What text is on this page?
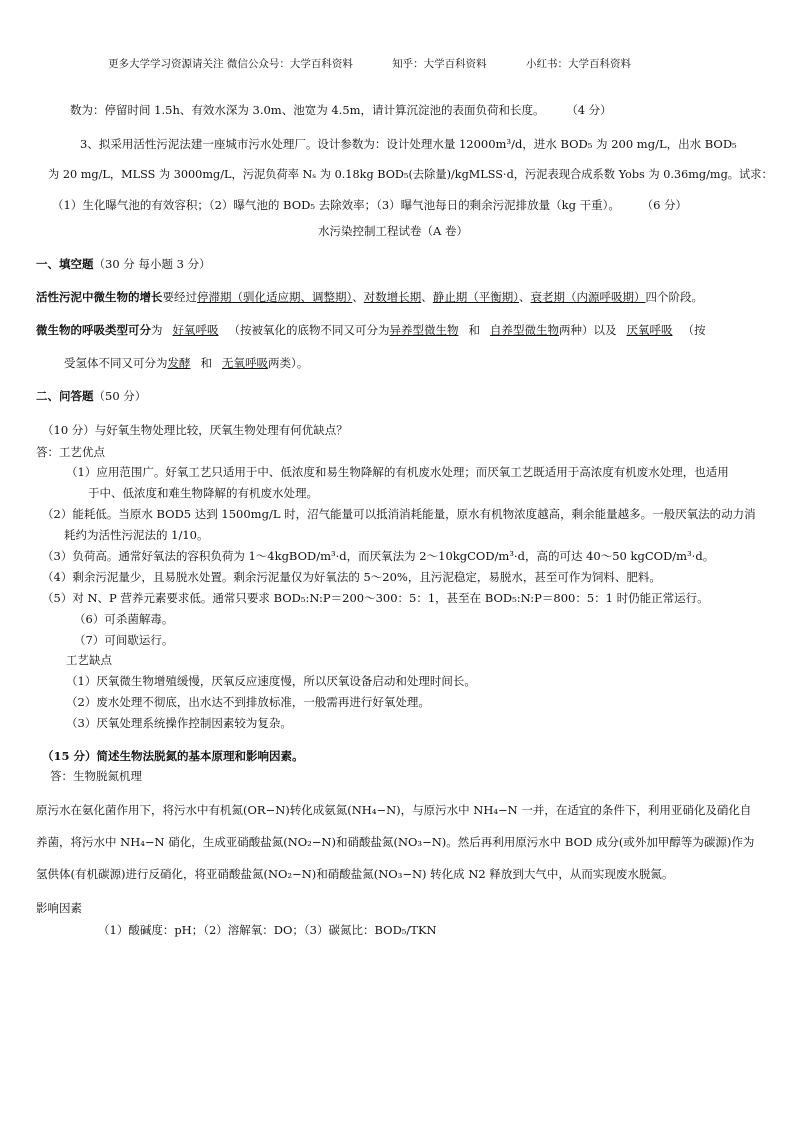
更多大学学习资源请关注 微信公众号：大学百科资料	知乎：大学百科资料	小红书：大学百科资料
数为：停留时间 1.5h、有效水深为 3.0m、池宽为 4.5m，请计算沉淀池的表面负荷和长度。 （4 分）
3、拟采用活性污泥法建一座城市污水处理厂。设计参数为：设计处理水量 12000m³/d，进水 BOD₅ 为 200 mg/L，出水 BOD₅
为 20 mg/L，MLSS 为 3000mg/L，污泥负荷率 Nₛ 为 0.18kg BOD₅(去除量)/kgMLSS·d，污泥表现合成系数 Yobs 为 0.36mg/mg。试求：
（1）生化曝气池的有效容积；（2）曝气池的 BOD₅ 去除效率；（3）曝气池每日的剩余污泥排放量（kg 干重）。 （6 分）
水污染控制工程试卷（A 卷）
一、填空题（30 分 每小题 3 分）
活性污泥中微生物的增长要经过停滞期（驯化适应期、调整期）、对数增长期、静止期（平衡期）、衰老期（内源呼吸期）四个阶段。
微生物的呼吸类型可分为 好氧呼吸 （按被氧化的底物不同又可分为异养型微生物 和 自养型微生物两种）以及 厌氧呼吸 （按
受氢体不同又可分为发酵 和 无氧呼吸两类）。
二、问答题（50 分）
（10 分）与好氧生物处理比较，厌氧生物处理有何优缺点？
答：工艺优点
（1）应用范围广。好氧工艺只适用于中、低浓度和易生物降解的有机废水处理；而厌氧工艺既适用于高浓度有机废水处理，也适用
于中、低浓度和难生物降解的有机废水处理。
（2）能耗低。当原水 BOD5 达到 1500mg/L 时，沼气能量可以抵消消耗能量，原水有机物浓度越高，剩余能量越多。一般厌氧法的动力消
耗约为活性污泥法的 1/10。
（3）负荷高。通常好氧法的容积负荷为 1～4kgBOD/m³·d，而厌氧法为 2～10kgCOD/m³·d，高的可达 40～50 kgCOD/m³·d。
（4）剩余污泥量少，且易脱水处置。剩余污泥量仅为好氧法的 5～20%，且污泥稳定，易脱水，甚至可作为饲料、肥料。
（5）对 N、P 营养元素要求低。通常只要求 BOD₅:N:P＝200～300：5：1，甚至在 BOD₅:N:P＝800：5：1 时仍能正常运行。
（6）可杀菌解毒。
（7）可间歇运行。
工艺缺点
（1）厌氧微生物增殖缓慢，厌氧反应速度慢，所以厌氧设备启动和处理时间长。
（2）废水处理不彻底，出水达不到排放标准，一般需再进行好氧处理。
（3）厌氧处理系统操作控制因素较为复杂。
（15 分）简述生物法脱氮的基本原理和影响因素。
答：生物脱氮机理
原污水在氨化菌作用下，将污水中有机氮(OR−N)转化成氨氮(NH₄−N)，与原污水中 NH₄−N 一并，在适宜的条件下，利用亚硝化及硝化自
养菌，将污水中 NH₄−N 硝化，生成亚硝酸盐氮(NO₂−N)和硝酸盐氮(NO₃−N)。然后再利用原污水中 BOD 成分(或外加甲醇等为碳源)作为
氢供体(有机碳源)进行反硝化，将亚硝酸盐氮(NO₂−N)和硝酸盐氮(NO₃−N) 转化成 N2 释放到大气中，从而实现废水脱氮。
影响因素
（1）酸碱度：pH；（2）溶解氧：DO；（3）碳氮比：BOD₅/TKN
